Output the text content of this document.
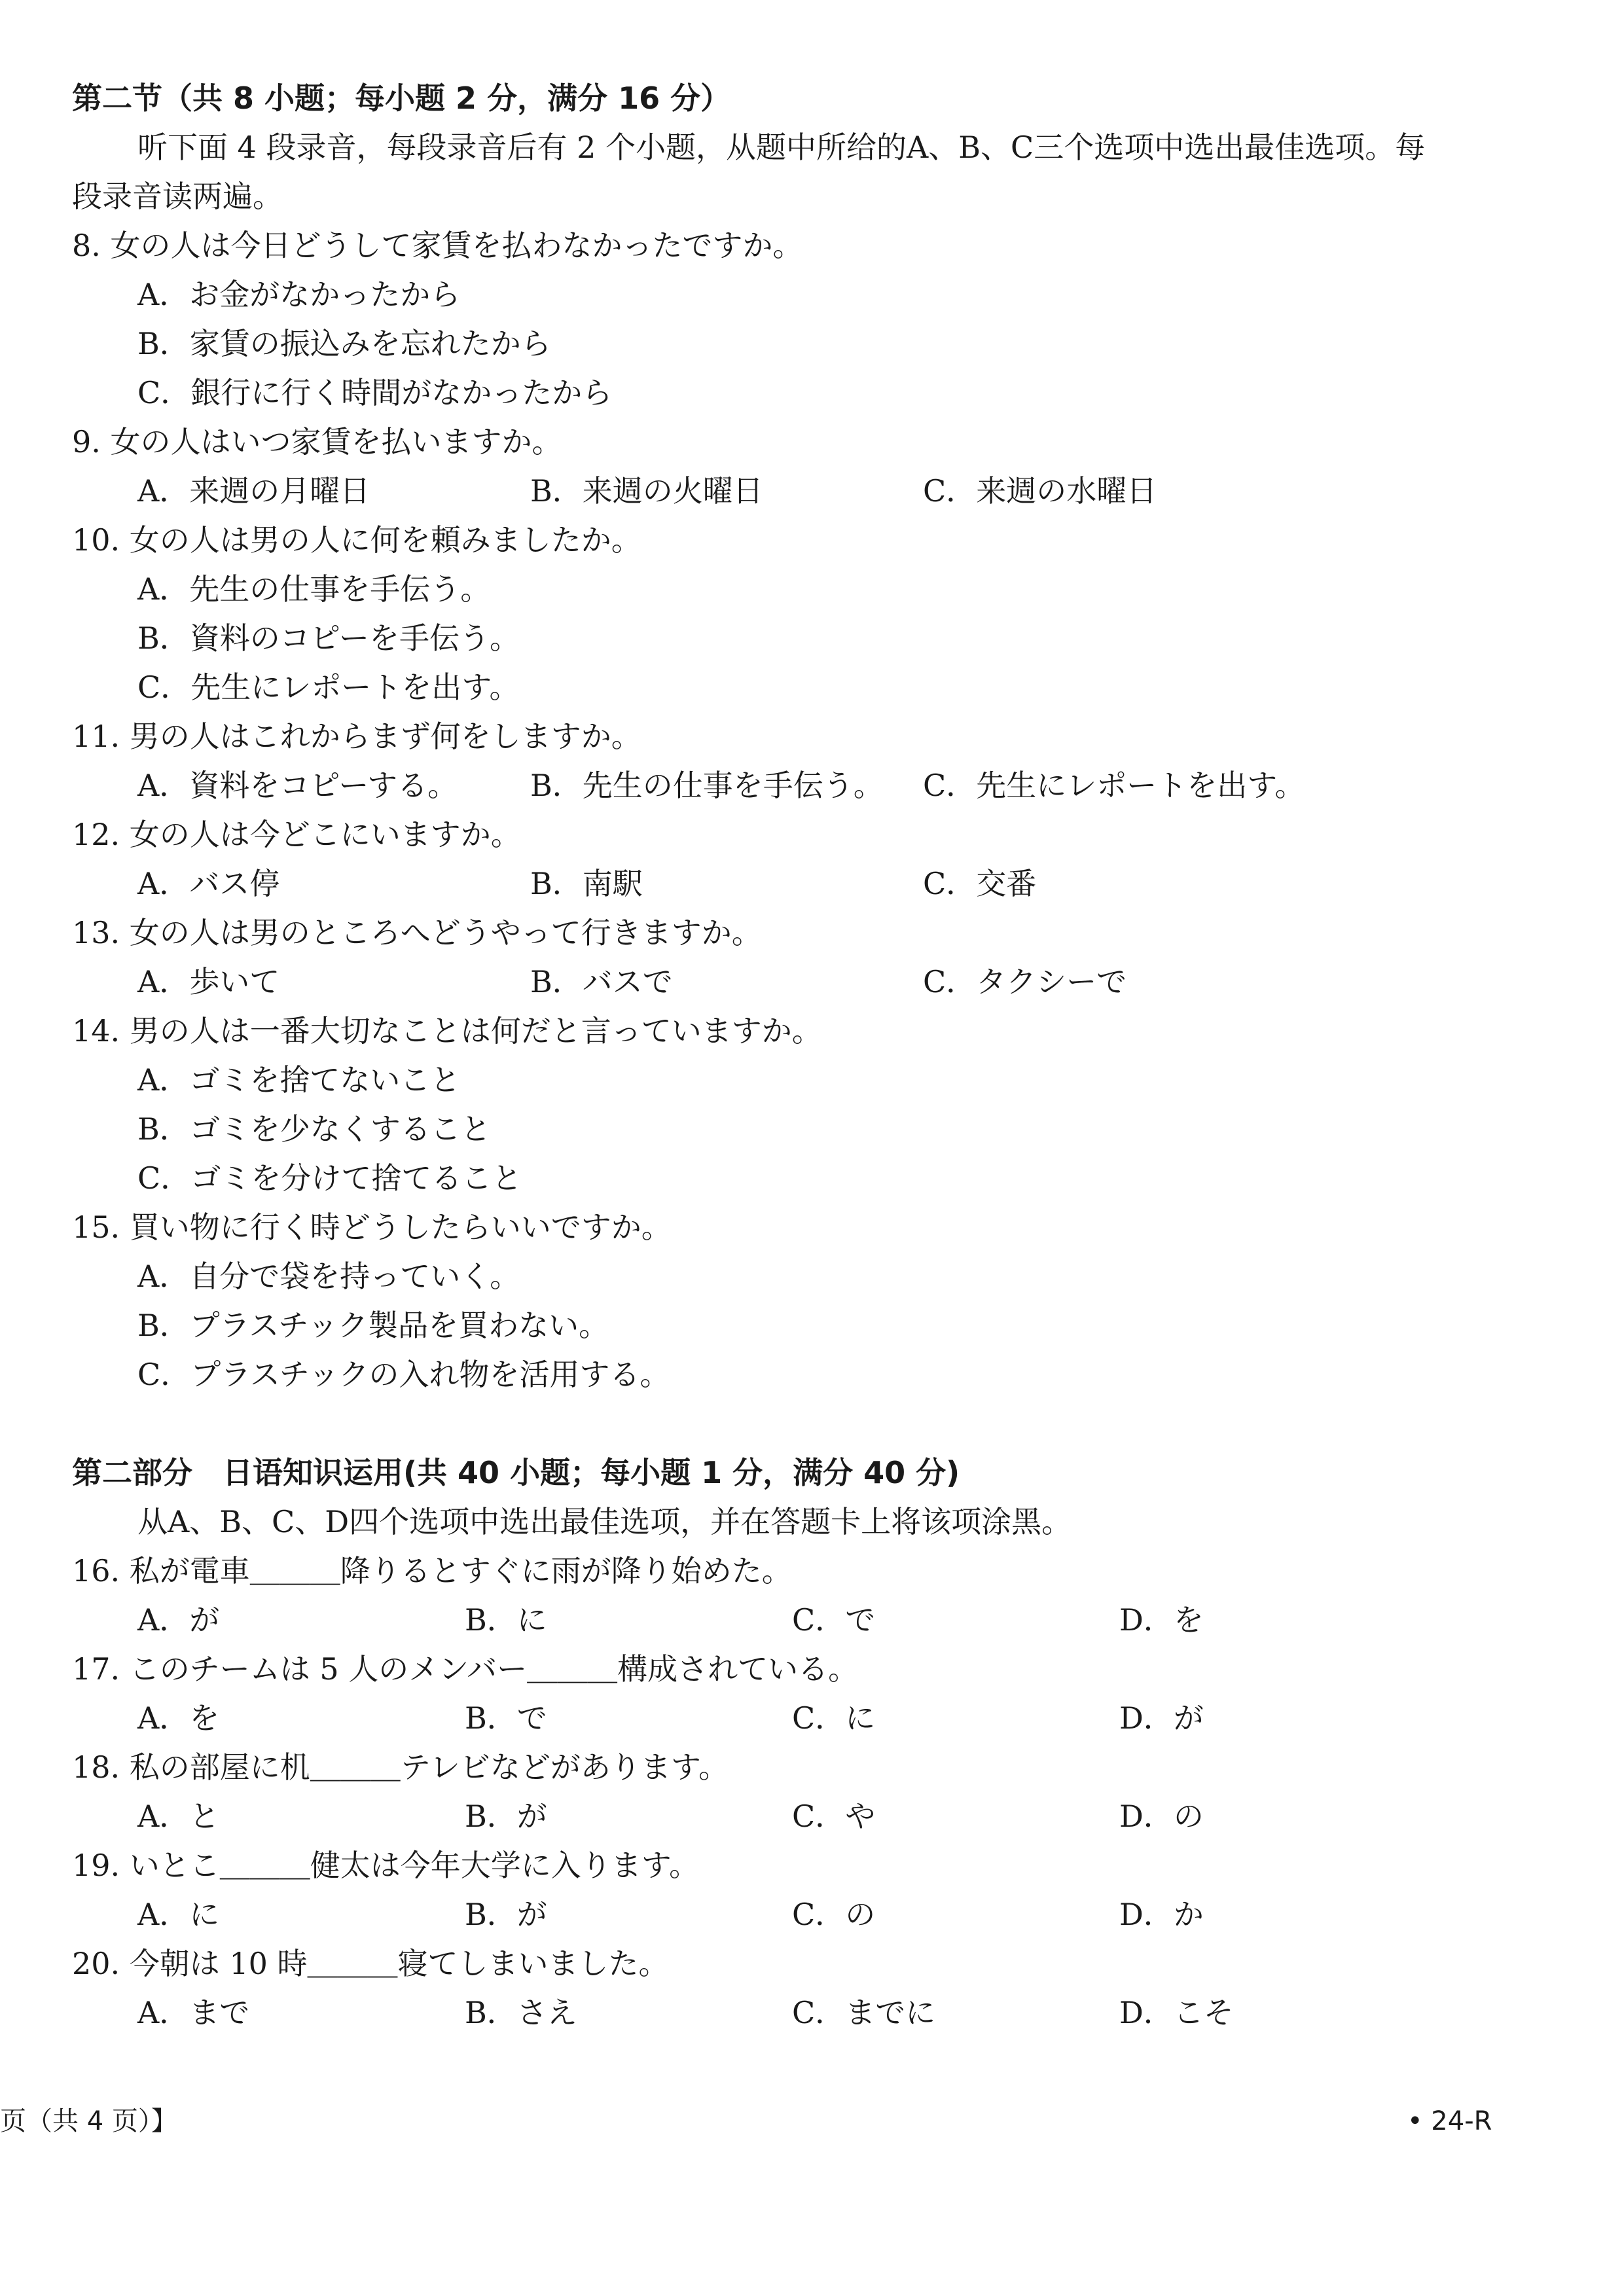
第二节（共 8 小题；每小题 2 分，满分 16 分）
听下面 4 段录音，每段录音后有 2 个小题，从题中所给的A、B、C三个选项中选出最佳选项。每
段录音读两遍。
8. 女の人は今日どうして家賃を払わなかったですか。
A．お金がなかったから
B．家賃の振込みを忘れたから
C．銀行に行く時間がなかったから
9. 女の人はいつ家賃を払いますか。
A．来週の月曜日	B．来週の火曜日	C．来週の水曜日
10. 女の人は男の人に何を頼みましたか。
A．先生の仕事を手伝う。
B．資料のコピーを手伝う。
C．先生にレポートを出す。
11. 男の人はこれからまず何をしますか。
A．資料をコピーする。 B．先生の仕事を手伝う。 C．先生にレポートを出す。
12. 女の人は今どこにいますか。
A．バス停	B．南駅	C．交番
13. 女の人は男のところへどうやって行きますか。
A．歩いて	B．バスで	C．タクシーで
14. 男の人は一番大切なことは何だと言っていますか。
A．ゴミを捨てないこと
B．ゴミを少なくすること
C．ゴミを分けて捨てること
15. 買い物に行く時どうしたらいいですか。
A．自分で袋を持っていく。
B．プラスチック製品を買わない。
C．プラスチックの入れ物を活用する。
第二部分　日语知识运用(共 40 小题；每小题 1 分，满分 40 分)
从A、B、C、D四个选项中选出最佳选项，并在答题卡上将该项涂黑。
16. 私が電車＿＿＿降りるとすぐに雨が降り始めた。
A．が	B．に	C．で	D．を
17. このチームは 5 人のメンバー＿＿＿構成されている。
A．を	B．で	C．に	D．が
18. 私の部屋に机＿＿＿テレビなどがあります。
A．と	B．が	C．や	D．の
19. いとこ＿＿＿健太は今年大学に入ります。
A．に	B．が	C．の	D．か
20. 今朝は 10 時＿＿＿寝てしまいました。
A．まで	B．さえ	C．までに	D．こそ
页（共 4 页）】	• 24-R
